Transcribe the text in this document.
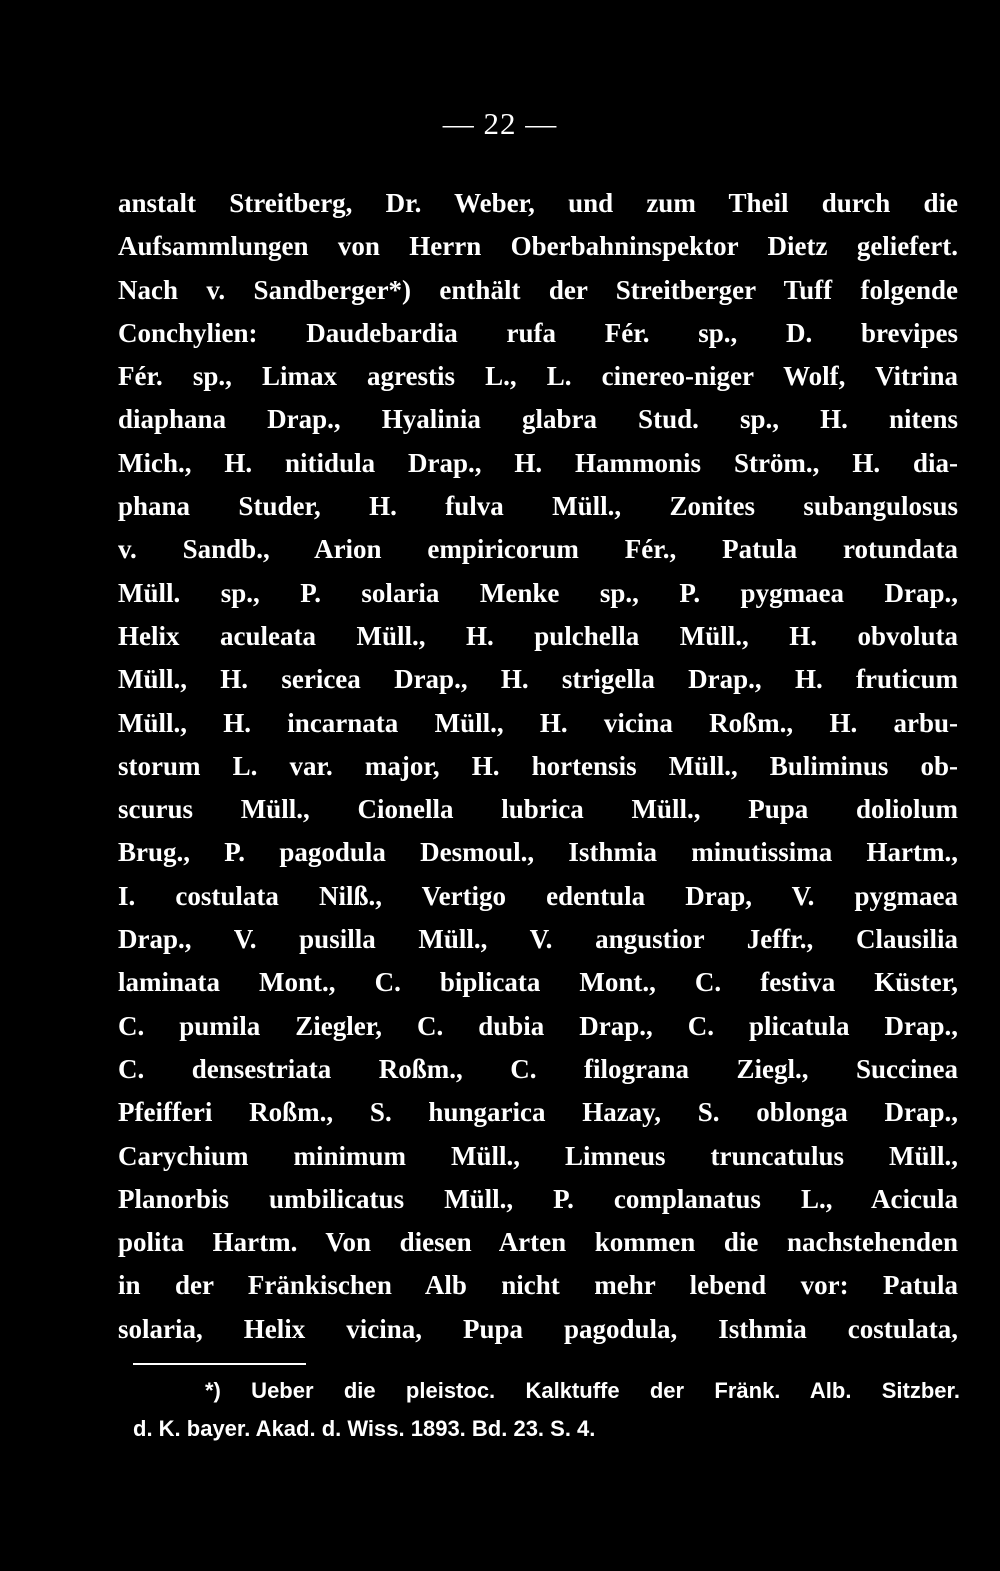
— 22 —
anstalt Streitberg, Dr. Weber, und zum Theil durch die
Aufsammlungen von Herrn Oberbahninspektor Dietz geliefert.
Nach v. Sandberger*) enthält der Streitberger Tuff folgende
Conchylien: Daudebardia rufa Fér. sp., D. brevipes
Fér. sp., Limax agrestis L., L. cinereo-niger Wolf, Vitrina
diaphana Drap., Hyalinia glabra Stud. sp., H. nitens
Mich., H. nitidula Drap., H. Hammonis Ström., H. dia-
phana Studer, H. fulva Müll., Zonites subangulosus
v. Sandb., Arion empiricorum Fér., Patula rotundata
Müll. sp., P. solaria Menke sp., P. pygmaea Drap.,
Helix aculeata Müll., H. pulchella Müll., H. obvoluta
Müll., H. sericea Drap., H. strigella Drap., H. fruticum
Müll., H. incarnata Müll., H. vicina Roßm., H. arbu-
storum L. var. major, H. hortensis Müll., Buliminus ob-
scurus Müll., Cionella lubrica Müll., Pupa doliolum
Brug., P. pagodula Desmoul., Isthmia minutissima Hartm.,
I. costulata Nilß., Vertigo edentula Drap, V. pygmaea
Drap., V. pusilla Müll., V. angustior Jeffr., Clausilia
laminata Mont., C. biplicata Mont., C. festiva Küster,
C. pumila Ziegler, C. dubia Drap., C. plicatula Drap.,
C. densestriata Roßm., C. filograna Ziegl., Succinea
Pfeifferi Roßm., S. hungarica Hazay, S. oblonga Drap.,
Carychium minimum Müll., Limneus truncatulus Müll.,
Planorbis umbilicatus Müll., P. complanatus L., Acicula
polita Hartm. Von diesen Arten kommen die nachstehenden
in der Fränkischen Alb nicht mehr lebend vor: Patula
solaria, Helix vicina, Pupa pagodula, Isthmia costulata,
*) Ueber die pleistoc. Kalktuffe der Fränk. Alb. Sitzber.
d. K. bayer. Akad. d. Wiss. 1893. Bd. 23. S. 4.
